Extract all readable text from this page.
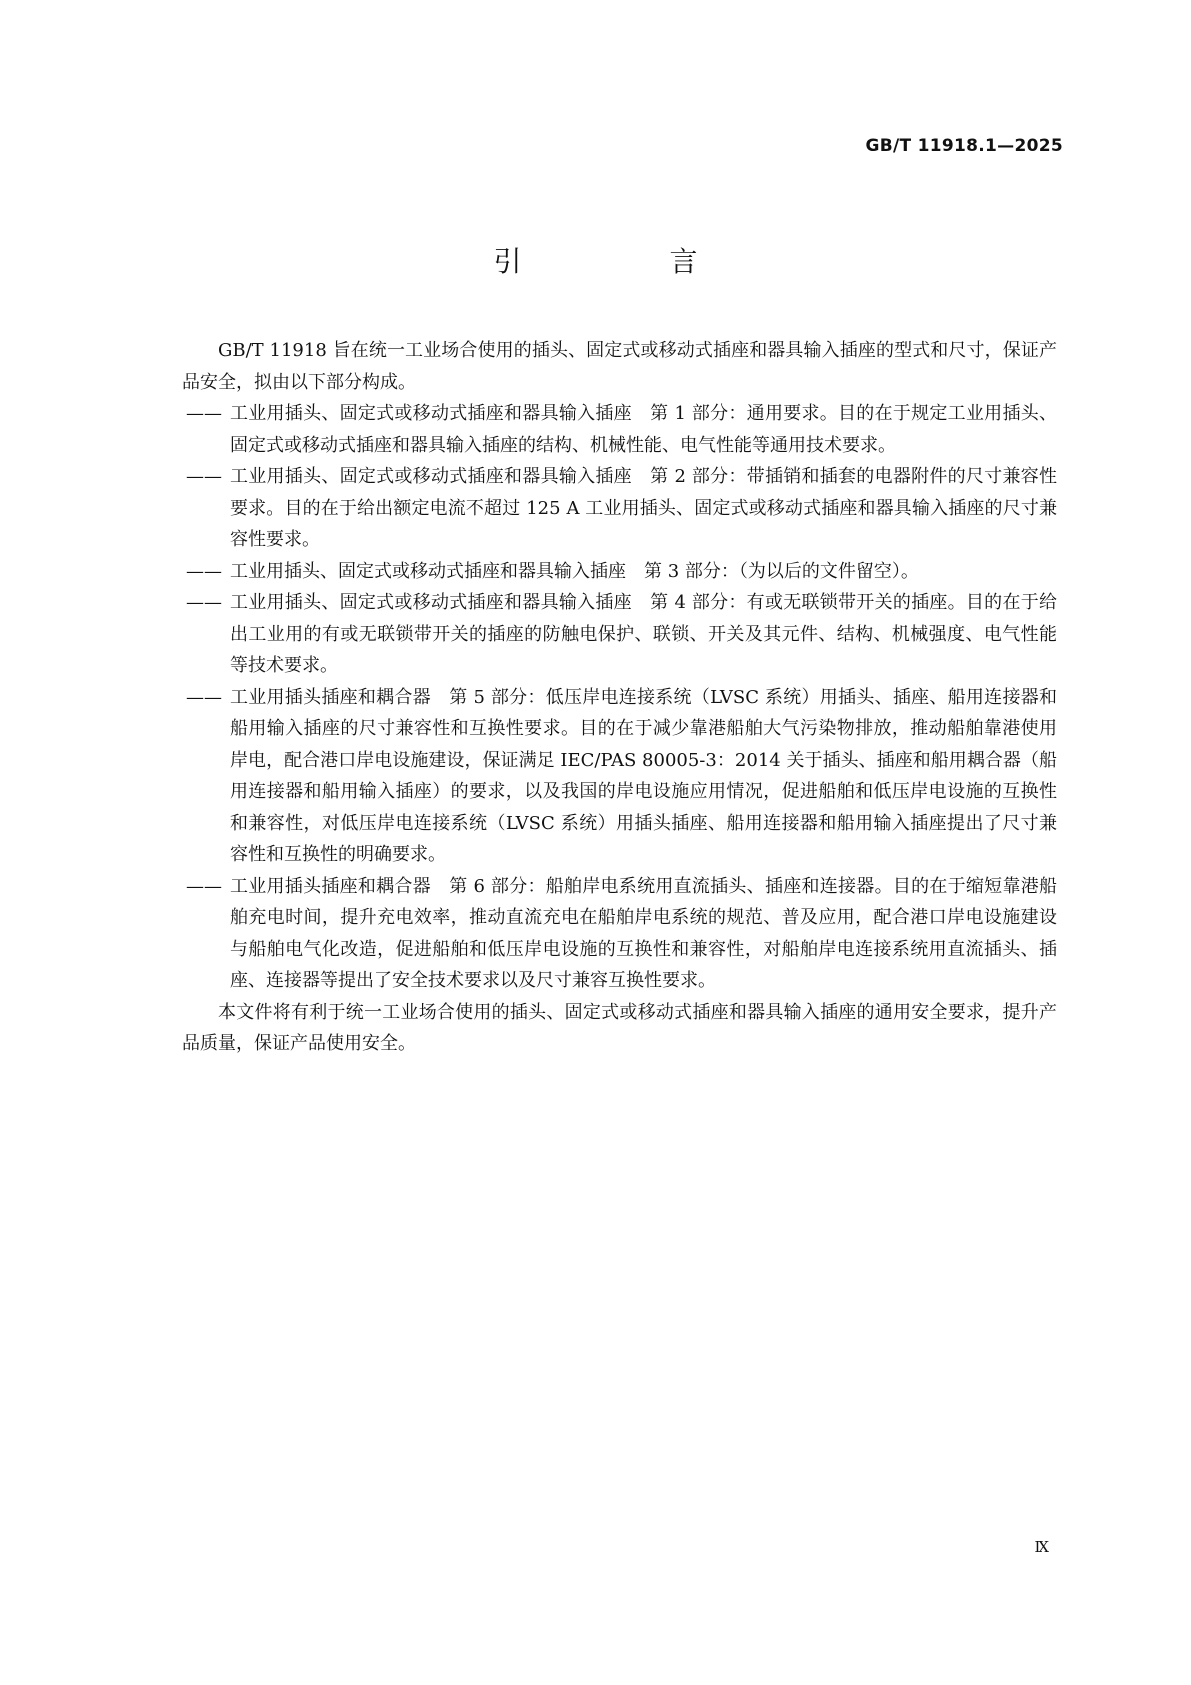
GB/T 11918.1—2025
引　言

GB/T 11918 旨在统一工业场合使用的插头、固定式或移动式插座和器具输入插座的型式和尺寸，保证产品安全，拟由以下部分构成。

—— 工业用插头、固定式或移动式插座和器具输入插座　第 1 部分：通用要求。目的在于规定工业用插头、固定式或移动式插座和器具输入插座的结构、机械性能、电气性能等通用技术要求。
—— 工业用插头、固定式或移动式插座和器具输入插座　第 2 部分：带插销和插套的电器附件的尺寸兼容性要求。目的在于给出额定电流不超过 125 A 工业用插头、固定式或移动式插座和器具输入插座的尺寸兼容性要求。
—— 工业用插头、固定式或移动式插座和器具输入插座　第 3 部分：（为以后的文件留空）。
—— 工业用插头、固定式或移动式插座和器具输入插座　第 4 部分：有或无联锁带开关的插座。目的在于给出工业用的有或无联锁带开关的插座的防触电保护、联锁、开关及其元件、结构、机械强度、电气性能等技术要求。
—— 工业用插头插座和耦合器　第 5 部分：低压岸电连接系统（LVSC 系统）用插头、插座、船用连接器和船用输入插座的尺寸兼容性和互换性要求。目的在于减少靠港船舶大气污染物排放，推动船舶靠港使用岸电，配合港口岸电设施建设，保证满足 IEC/PAS 80005-3：2014 关于插头、插座和船用耦合器（船用连接器和船用输入插座）的要求，以及我国的岸电设施应用情况，促进船舶和低压岸电设施的互换性和兼容性，对低压岸电连接系统（LVSC 系统）用插头插座、船用连接器和船用输入插座提出了尺寸兼容性和互换性的明确要求。
—— 工业用插头插座和耦合器　第 6 部分：船舶岸电系统用直流插头、插座和连接器。目的在于缩短靠港船舶充电时间，提升充电效率，推动直流充电在船舶岸电系统的规范、普及应用，配合港口岸电设施建设与船舶电气化改造，促进船舶和低压岸电设施的互换性和兼容性，对船舶岸电连接系统用直流插头、插座、连接器等提出了安全技术要求以及尺寸兼容互换性要求。

本文件将有利于统一工业场合使用的插头、固定式或移动式插座和器具输入插座的通用安全要求，提升产品质量，保证产品使用安全。

Ⅸ
